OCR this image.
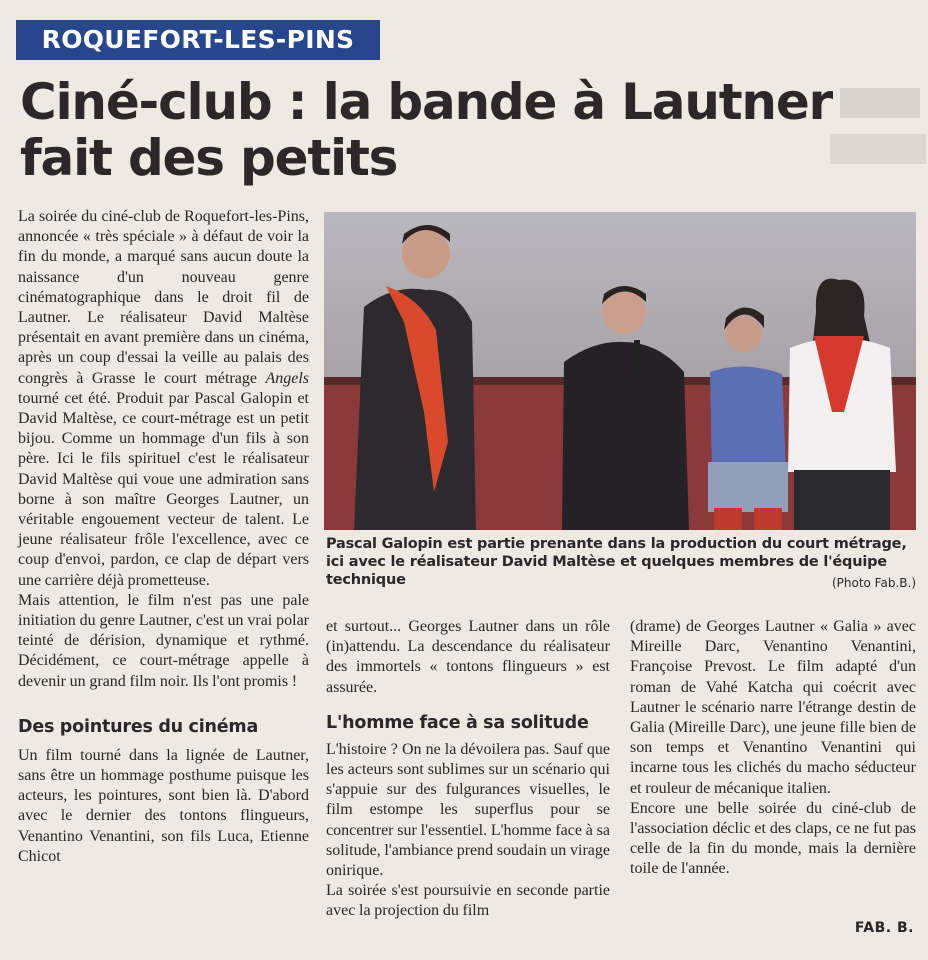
ROQUEFORT-LES-PINS
Ciné-club : la bande à Lautner
fait des petits

La soirée du ciné-club de Roquefort-les-Pins, annoncée « très spéciale » à défaut de voir la fin du monde, a marqué sans aucun doute la naissance d'un nouveau genre cinématographique dans le droit fil de Lautner. Le réalisateur David Maltèse présentait en avant première dans un cinéma, après un coup d'essai la veille au palais des congrès à Grasse le court métrage Angels tourné cet été. Produit par Pascal Galopin et David Maltèse, ce court-métrage est un petit bijou. Comme un hommage d'un fils à son père. Ici le fils spirituel c'est le réalisateur David Maltèse qui voue une admiration sans borne à son maître Georges Lautner, un véritable engouement vecteur de talent. Le jeune réalisateur frôle l'excellence, avec ce coup d'envoi, pardon, ce clap de départ vers une carrière déjà prometteuse.

Mais attention, le film n'est pas une pale initiation du genre Lautner, c'est un vrai polar teinté de dérision, dynamique et rythmé. Décidément, ce court-métrage appelle à devenir un grand film noir. Ils l'ont promis !

Des pointures du cinéma

Un film tourné dans la lignée de Lautner, sans être un hommage posthume puisque les acteurs, les pointures, sont bien là. D'abord avec le dernier des tontons flingueurs, Venantino Venantini, son fils Luca, Etienne Chicot

Pascal Galopin est partie prenante dans la production du court métrage, ici avec le réalisateur David Maltèse et quelques membres de l'équipe technique	(Photo Fab.B.)

et surtout... Georges Lautner dans un rôle (in)attendu. La descendance du réalisateur des immortels « tontons flingueurs » est assurée.

L'homme face à sa solitude

L'histoire ? On ne la dévoilera pas. Sauf que les acteurs sont sublimes sur un scénario qui s'appuie sur des fulgurances visuelles, le film estompe les superflus pour se concentrer sur l'essentiel. L'homme face à sa solitude, l'ambiance prend soudain un virage onirique.

La soirée s'est poursuivie en seconde partie avec la projection du film

(drame) de Georges Lautner « Galia » avec Mireille Darc, Venantino Venantini, Françoise Prevost. Le film adapté d'un roman de Vahé Katcha qui coécrit avec Lautner le scénario narre l'étrange destin de Galia (Mireille Darc), une jeune fille bien de son temps et Venantino Venantini qui incarne tous les clichés du macho séducteur et rouleur de mécanique italien.

Encore une belle soirée du ciné-club de l'association déclic et des claps, ce ne fut pas celle de la fin du monde, mais la dernière toile de l'année.

FAB. B.
